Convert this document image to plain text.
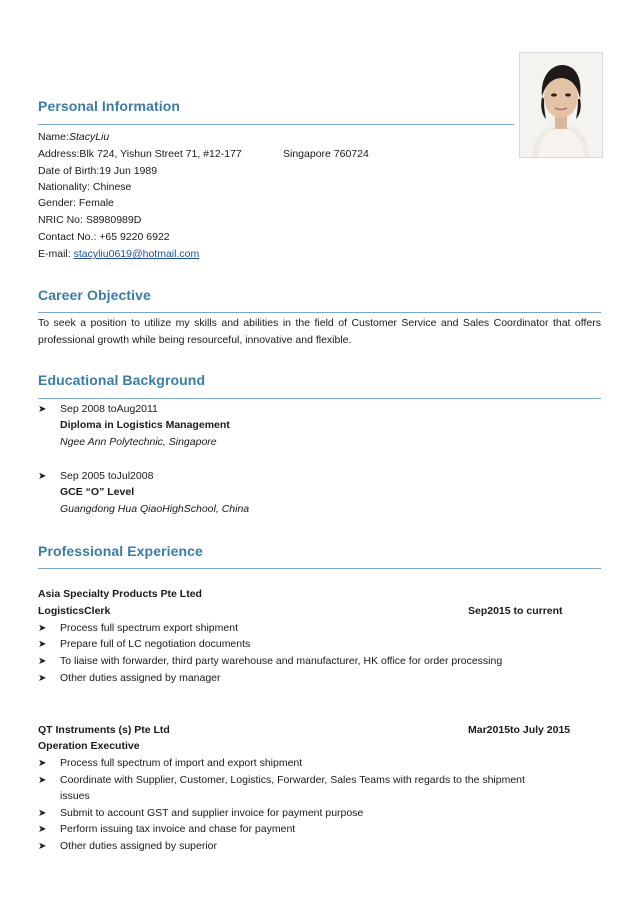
Personal Information
Name:StacyLiu
Address:Blk 724, Yishun Street 71, #12-177	Singapore 760724
Date of Birth:19 Jun 1989
Nationality: Chinese
Gender: Female
NRIC No: S8980989D
Contact No.: +65 9220 6922
E-mail: stacyliu0619@hotmail.com
Career Objective
To seek a position to utilize my skills and abilities in the field of Customer Service and Sales Coordinator that offers professional growth while being resourceful, innovative and flexible.
Educational Background
➤ Sep 2008 toAug2011
Diploma in Logistics Management
Ngee Ann Polytechnic, Singapore
➤ Sep 2005 toJul2008
GCE “O” Level
Guangdong Hua QiaoHighSchool, China
Professional Experience
Asia Specialty Products Pte Lted
LogisticsClerk	Sep2015 to current
➤ Process full spectrum export shipment
➤ Prepare full of LC negotiation documents
➤ To liaise with forwarder, third party warehouse and manufacturer, HK office for order processing
➤ Other duties assigned by manager
QT Instruments (s) Pte Ltd	Mar2015to July 2015
Operation Executive
➤ Process full spectrum of import and export shipment
➤ Coordinate with Supplier, Customer, Logistics, Forwarder, Sales Teams with regards to the shipment
issues
➤ Submit to account GST and supplier invoice for payment purpose
➤ Perform issuing tax invoice and chase for payment
➤ Other duties assigned by superior
